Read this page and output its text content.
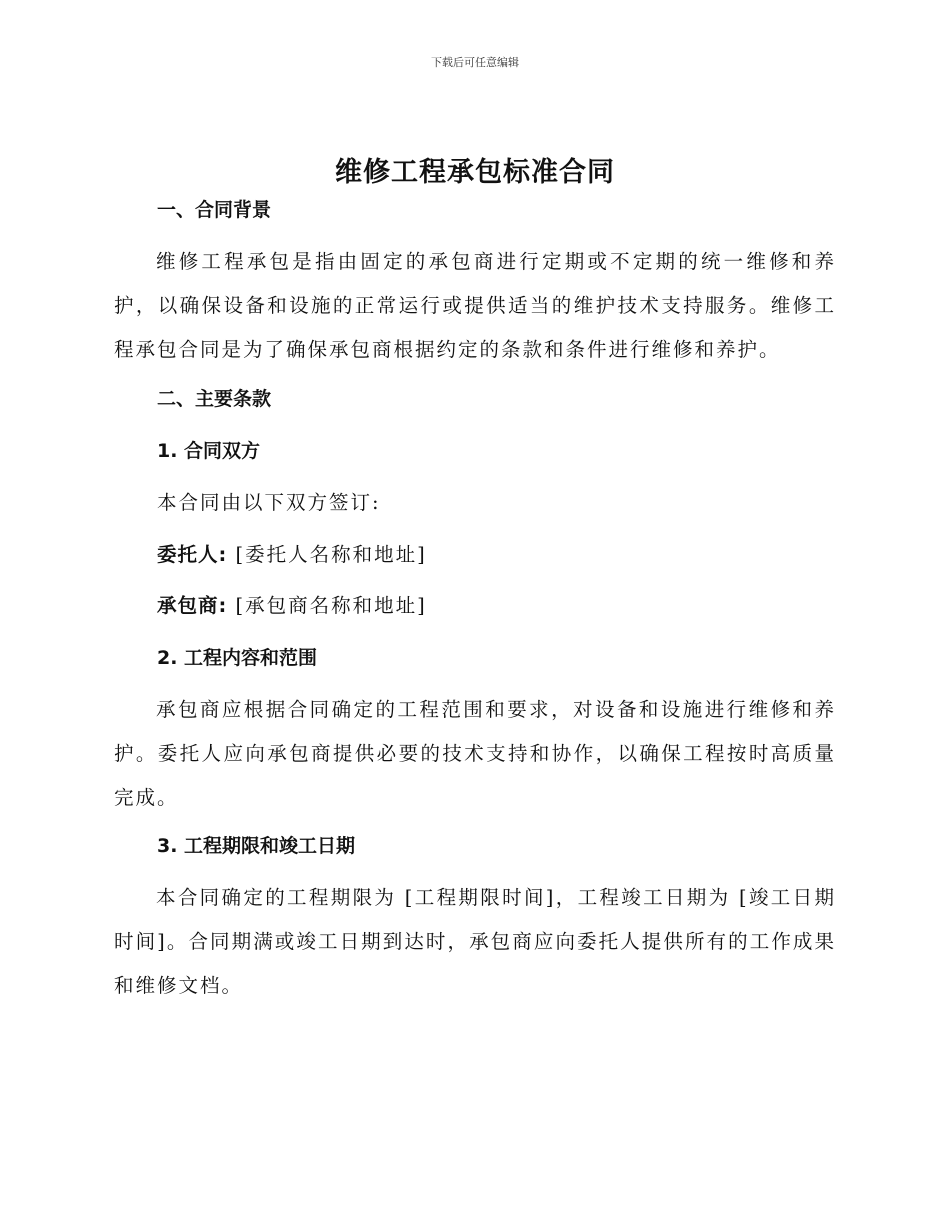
下载后可任意编辑
维修工程承包标准合同

一、合同背景

维修工程承包是指由固定的承包商进行定期或不定期的统一维修和养护，以确保设备和设施的正常运行或提供适当的维护技术支持服务。维修工程承包合同是为了确保承包商根据约定的条款和条件进行维修和养护。

二、主要条款

1. 合同双方

本合同由以下双方签订:

委托人: [委托人名称和地址]

承包商: [承包商名称和地址]

2. 工程内容和范围

承包商应根据合同确定的工程范围和要求，对设备和设施进行维修和养护。委托人应向承包商提供必要的技术支持和协作，以确保工程按时高质量完成。

3. 工程期限和竣工日期

本合同确定的工程期限为 [工程期限时间]，工程竣工日期为 [竣工日期时间]。合同期满或竣工日期到达时，承包商应向委托人提供所有的工作成果和维修文档。
